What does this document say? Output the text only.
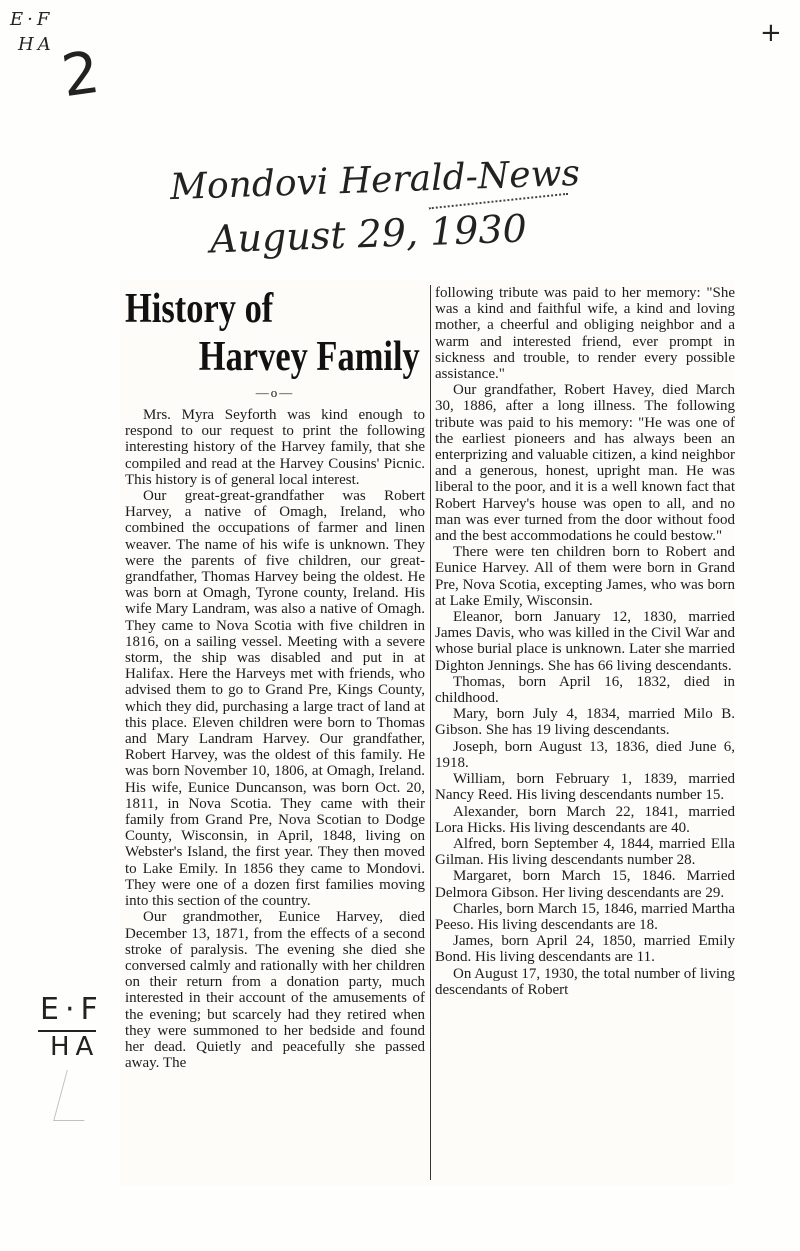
E·F
HA 2
+
Mondovi Herald-News
August 29, 1930
E·F
HA
History of
Harvey Family
—o—

Mrs. Myra Seyforth was kind enough to respond to our request to print the following interesting history of the Harvey family, that she compiled and read at the Harvey Cousins' Picnic. This history is of general local interest.

Our great-great-grandfather was Robert Harvey, a native of Omagh, Ireland, who combined the occupations of farmer and linen weaver. The name of his wife is unknown. They were the parents of five children, our great-grandfather, Thomas Harvey being the oldest. He was born at Omagh, Tyrone county, Ireland. His wife Mary Landram, was also a native of Omagh. They came to Nova Scotia with five children in 1816, on a sailing vessel. Meeting with a severe storm, the ship was disabled and put in at Halifax. Here the Harveys met with friends, who advised them to go to Grand Pre, Kings County, which they did, purchasing a large tract of land at this place. Eleven children were born to Thomas and Mary Landram Harvey. Our grandfather, Robert Harvey, was the oldest of this family. He was born November 10, 1806, at Omagh, Ireland. His wife, Eunice Duncanson, was born Oct. 20, 1811, in Nova Scotia. They came with their family from Grand Pre, Nova Scotian to Dodge County, Wisconsin, in April, 1848, living on Webster's Island, the first year. They then moved to Lake Emily. In 1856 they came to Mondovi. They were one of a dozen first families moving into this section of the country.

Our grandmother, Eunice Harvey, died December 13, 1871, from the effects of a second stroke of paralysis. The evening she died she conversed calmly and rationally with her children on their return from a donation party, much interested in their account of the amusements of the evening; but scarcely had they retired when they were summoned to her bedside and found her dead. Quietly and peacefully she passed away. The

following tribute was paid to her memory: "She was a kind and faithful wife, a kind and loving mother, a cheerful and obliging neighbor and a warm and interested friend, ever prompt in sickness and trouble, to render every possible assistance."

Our grandfather, Robert Havey, died March 30, 1886, after a long illness. The following tribute was paid to his memory: "He was one of the earliest pioneers and has always been an enterprizing and valuable citizen, a kind neighbor and a generous, honest, upright man. He was liberal to the poor, and it is a well known fact that Robert Harvey's house was open to all, and no man was ever turned from the door without food and the best accommodations he could bestow."

There were ten children born to Robert and Eunice Harvey. All of them were born in Grand Pre, Nova Scotia, excepting James, who was born at Lake Emily, Wisconsin.

Eleanor, born January 12, 1830, married James Davis, who was killed in the Civil War and whose burial place is unknown. Later she married Dighton Jennings. She has 66 living descendants.

Thomas, born April 16, 1832, died in childhood.

Mary, born July 4, 1834, married Milo B. Gibson. She has 19 living descendants.

Joseph, born August 13, 1836, died June 6, 1918.

William, born February 1, 1839, married Nancy Reed. His living descendants number 15.

Alexander, born March 22, 1841, married Lora Hicks. His living descendants are 40.

Alfred, born September 4, 1844, married Ella Gilman. His living descendants number 28.

Margaret, born March 15, 1846. Married Delmora Gibson. Her living descendants are 29.

Charles, born March 15, 1846, married Martha Peeso. His living descendants are 18.

James, born April 24, 1850, married Emily Bond. His living descendants are 11.

On August 17, 1930, the total number of living descendants of Robert
